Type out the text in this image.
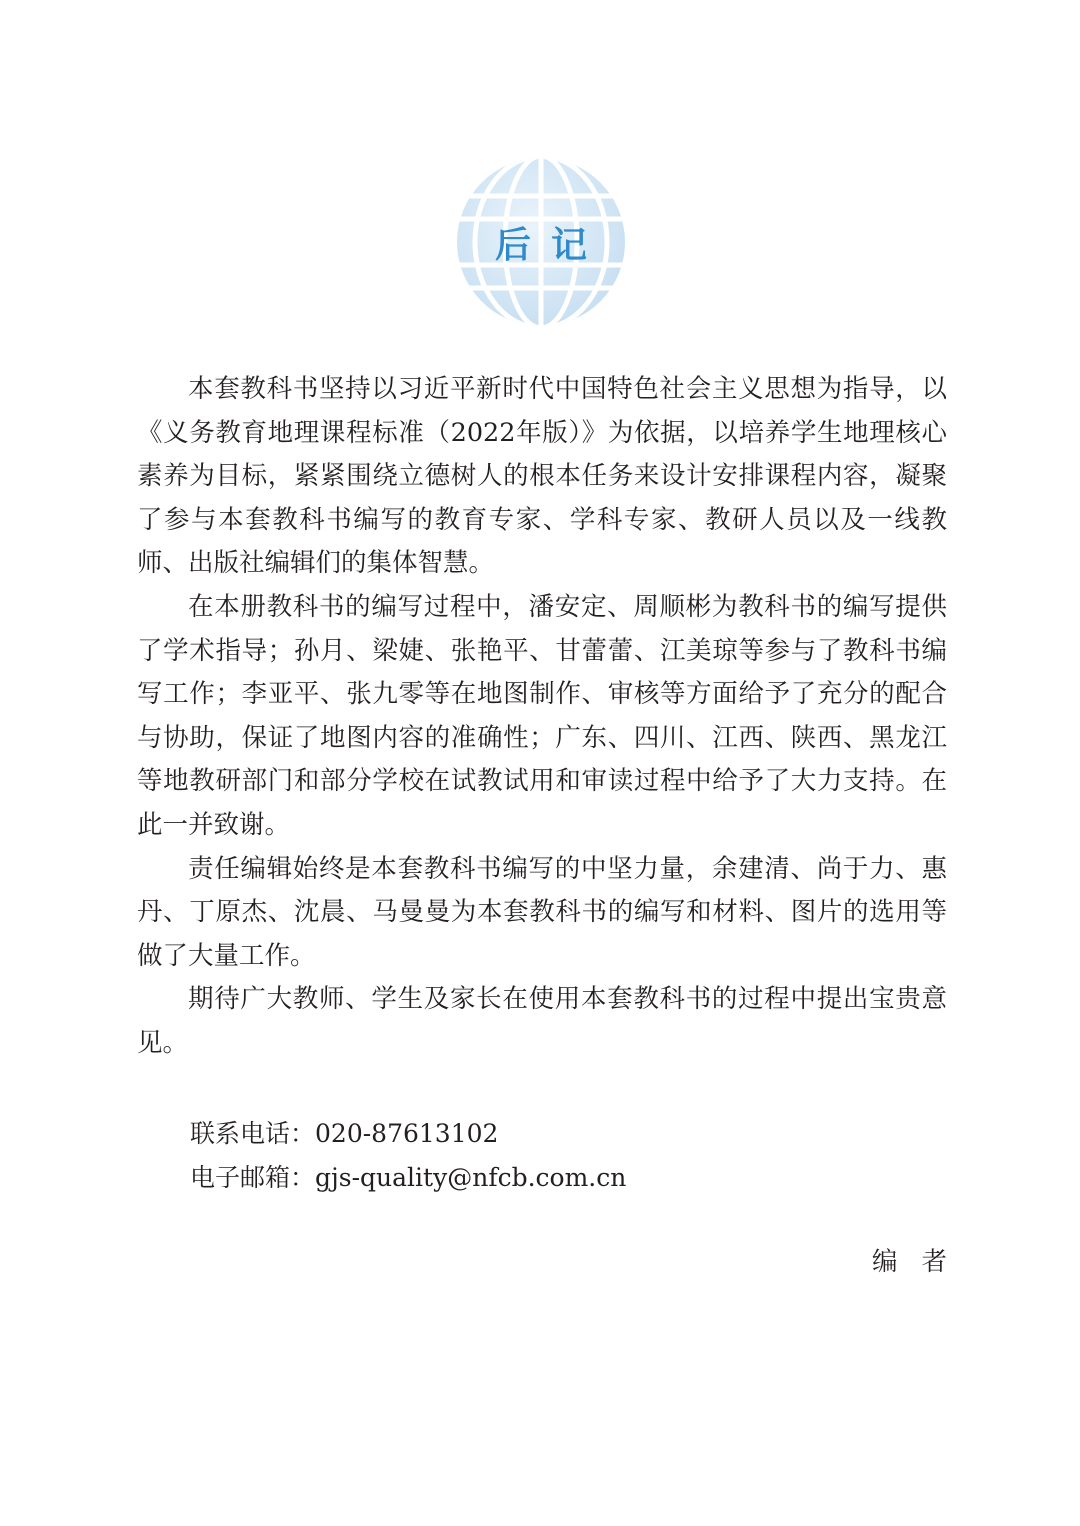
后记

本套教科书坚持以习近平新时代中国特色社会主义思想为指导，以《义务教育地理课程标准（2022年版）》为依据，以培养学生地理核心素养为目标，紧紧围绕立德树人的根本任务来设计安排课程内容，凝聚了参与本套教科书编写的教育专家、学科专家、教研人员以及一线教师、出版社编辑们的集体智慧。

在本册教科书的编写过程中，潘安定、周顺彬为教科书的编写提供了学术指导；孙月、梁婕、张艳平、甘蕾蕾、江美琼等参与了教科书编写工作；李亚平、张九零等在地图制作、审核等方面给予了充分的配合与协助，保证了地图内容的准确性；广东、四川、江西、陕西、黑龙江等地教研部门和部分学校在试教试用和审读过程中给予了大力支持。在此一并致谢。

责任编辑始终是本套教科书编写的中坚力量，余建清、尚于力、惠丹、丁原杰、沈晨、马曼曼为本套教科书的编写和材料、图片的选用等做了大量工作。

期待广大教师、学生及家长在使用本套教科书的过程中提出宝贵意见。

联系电话：020-87613102
电子邮箱：gjs-quality@nfcb.com.cn
编者
